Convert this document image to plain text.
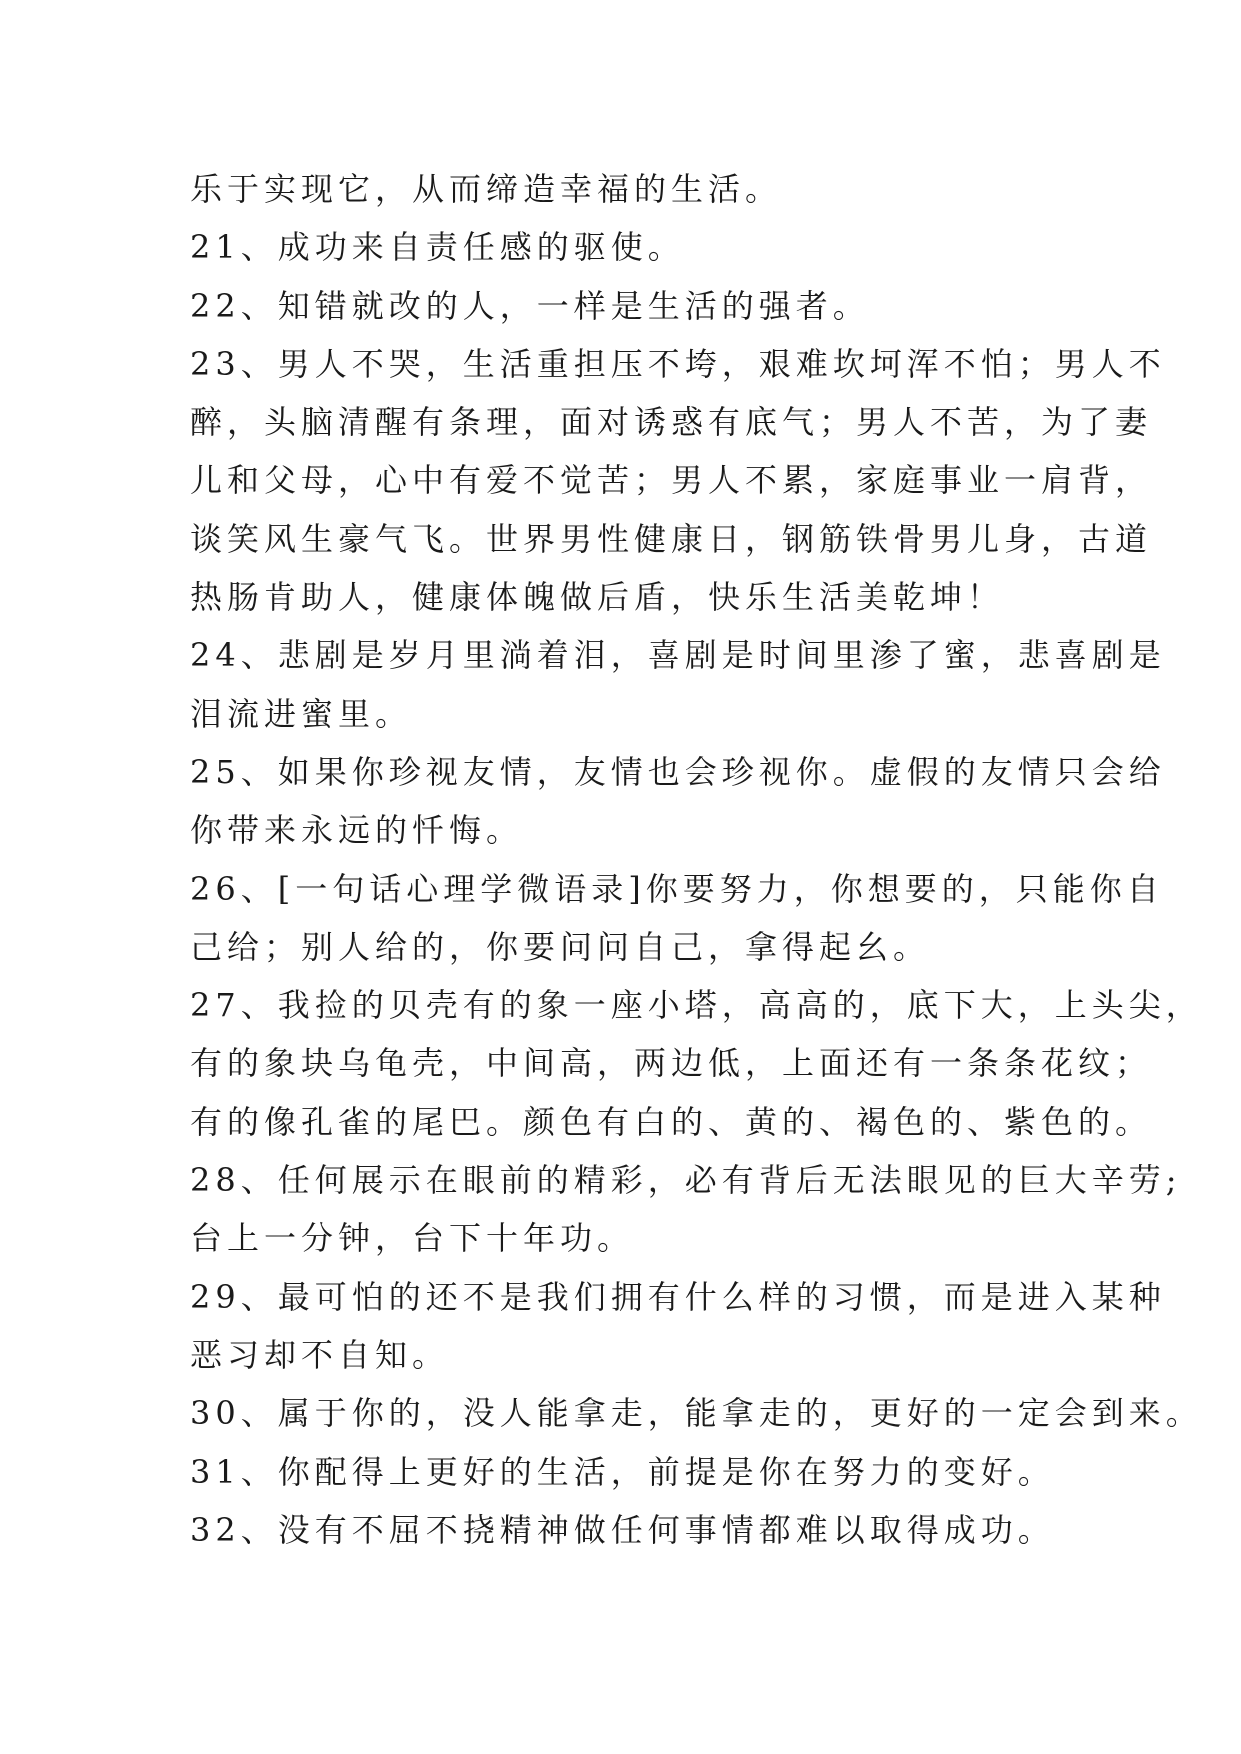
乐于实现它，从而缔造幸福的生活。
21、成功来自责任感的驱使。
22、知错就改的人，一样是生活的强者。
23、男人不哭，生活重担压不垮，艰难坎坷浑不怕；男人不
醉，头脑清醒有条理，面对诱惑有底气；男人不苦，为了妻
儿和父母，心中有爱不觉苦；男人不累，家庭事业一肩背，
谈笑风生豪气飞。世界男性健康日，钢筋铁骨男儿身，古道
热肠肯助人，健康体魄做后盾，快乐生活美乾坤！
24、悲剧是岁月里淌着泪，喜剧是时间里渗了蜜，悲喜剧是
泪流进蜜里。
25、如果你珍视友情，友情也会珍视你。虚假的友情只会给
你带来永远的忏悔。
26、[一句话心理学微语录]你要努力，你想要的，只能你自
己给；别人给的，你要问问自己，拿得起幺。
27、我捡的贝壳有的象一座小塔，高高的，底下大，上头尖，
有的象块乌龟壳，中间高，两边低，上面还有一条条花纹；
有的像孔雀的尾巴。颜色有白的、黄的、褐色的、紫色的。
28、任何展示在眼前的精彩，必有背后无法眼见的巨大辛劳;
台上一分钟，台下十年功。
29、最可怕的还不是我们拥有什么样的习惯，而是进入某种
恶习却不自知。
30、属于你的，没人能拿走，能拿走的，更好的一定会到来。
31、你配得上更好的生活，前提是你在努力的变好。
32、没有不屈不挠精神做任何事情都难以取得成功。
